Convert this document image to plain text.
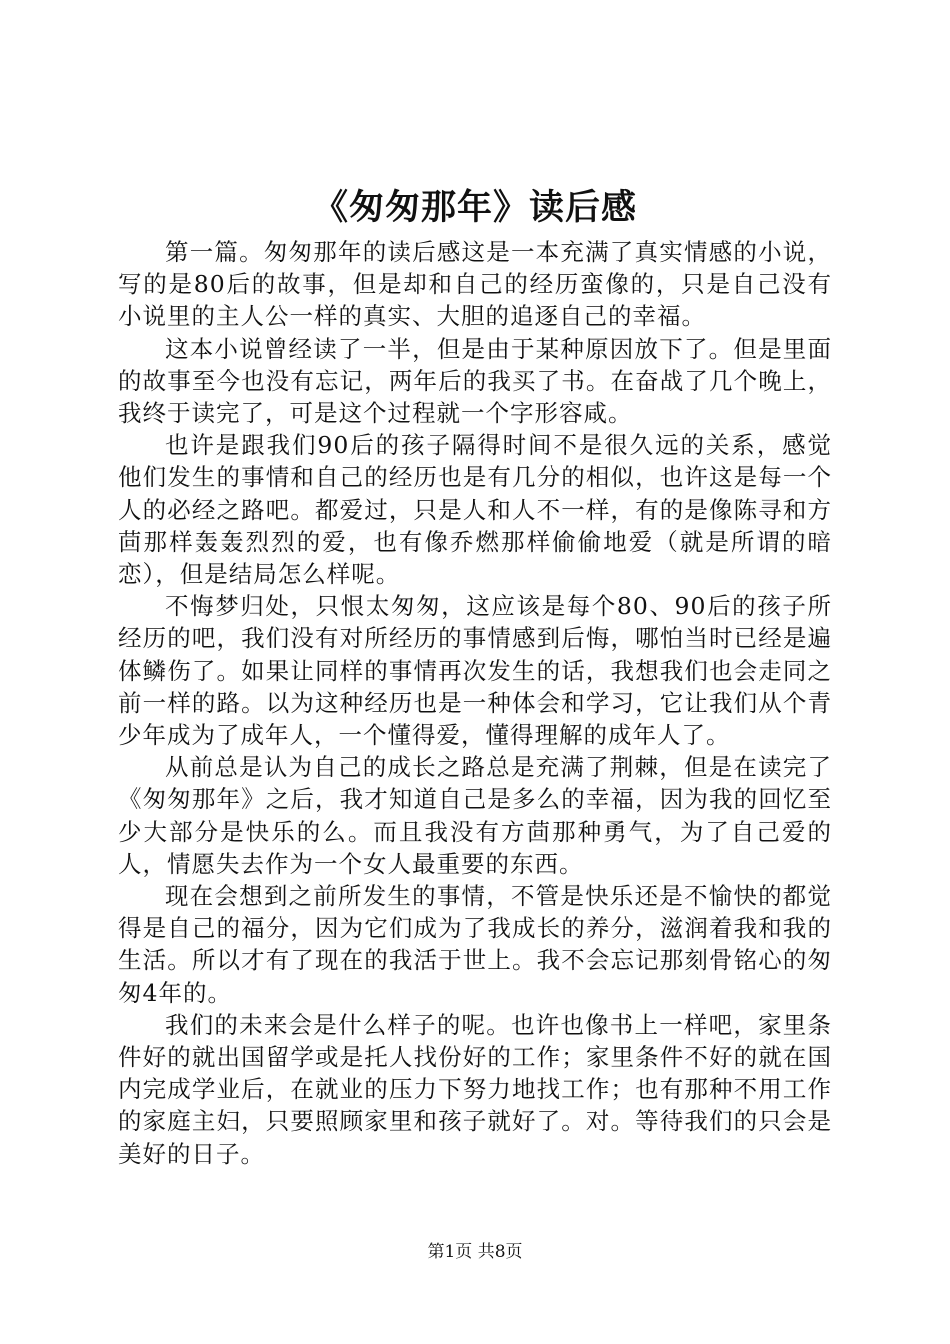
《匆匆那年》读后感

第一篇。匆匆那年的读后感这是一本充满了真实情感的小说，写的是80后的故事，但是却和自己的经历蛮像的，只是自己没有小说里的主人公一样的真实、大胆的追逐自己的幸福。

这本小说曾经读了一半，但是由于某种原因放下了。但是里面的故事至今也没有忘记，两年后的我买了书。在奋战了几个晚上，我终于读完了，可是这个过程就一个字形容咸。

也许是跟我们90后的孩子隔得时间不是很久远的关系，感觉他们发生的事情和自己的经历也是有几分的相似，也许这是每一个人的必经之路吧。都爱过，只是人和人不一样，有的是像陈寻和方茴那样轰轰烈烈的爱，也有像乔燃那样偷偷地爱（就是所谓的暗恋），但是结局怎么样呢。

不悔梦归处，只恨太匆匆，这应该是每个80、90后的孩子所经历的吧，我们没有对所经历的事情感到后悔，哪怕当时已经是遍体鳞伤了。如果让同样的事情再次发生的话，我想我们也会走同之前一样的路。以为这种经历也是一种体会和学习，它让我们从个青少年成为了成年人，一个懂得爱，懂得理解的成年人了。

从前总是认为自己的成长之路总是充满了荆棘，但是在读完了《匆匆那年》之后，我才知道自己是多么的幸福，因为我的回忆至少大部分是快乐的么。而且我没有方茴那种勇气，为了自己爱的人，情愿失去作为一个女人最重要的东西。

现在会想到之前所发生的事情，不管是快乐还是不愉快的都觉得是自己的福分，因为它们成为了我成长的养分，滋润着我和我的生活。所以才有了现在的我活于世上。我不会忘记那刻骨铭心的匆匆4年的。

我们的未来会是什么样子的呢。也许也像书上一样吧，家里条件好的就出国留学或是托人找份好的工作；家里条件不好的就在国内完成学业后，在就业的压力下努力地找工作；也有那种不用工作的家庭主妇，只要照顾家里和孩子就好了。对。等待我们的只会是美好的日子。

第1页 共8页
